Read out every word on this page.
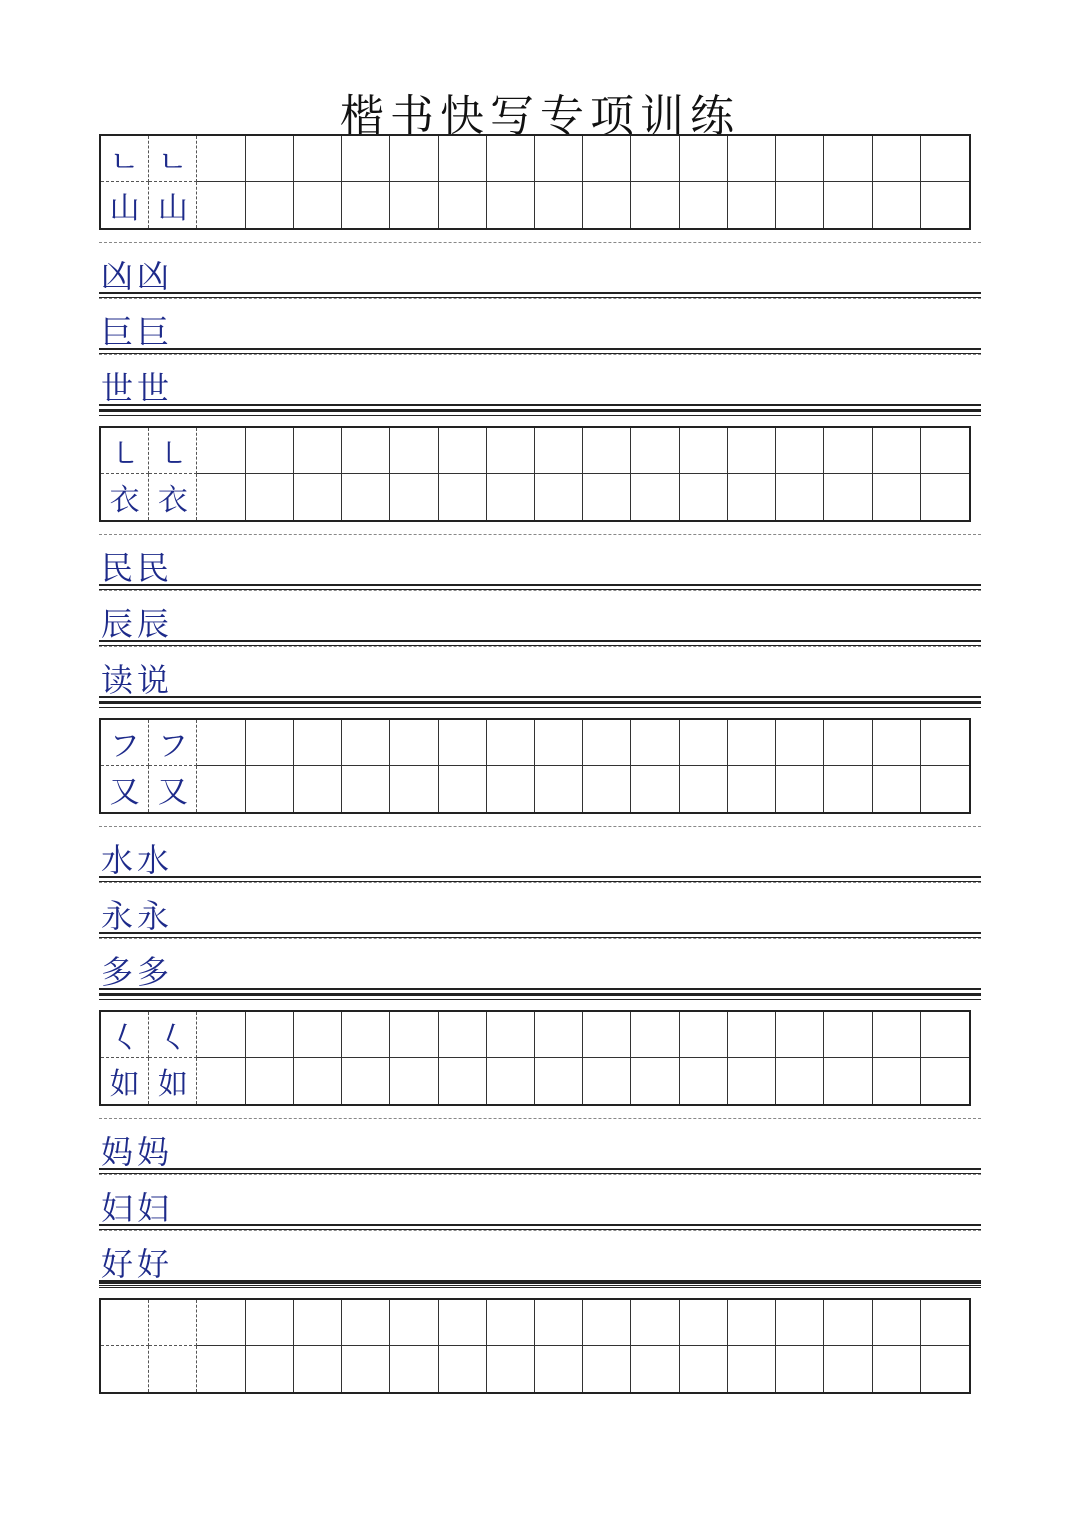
楷书快写专项训练
ㄴ ㄴ
山 山
凶凶
巨巨
世世
㇄ ㇄
衣 衣
民民
辰辰
读说
フ フ
又 又
水水
永永
多多
𡿨 𡿨
如 如
妈妈
妇妇
好好
